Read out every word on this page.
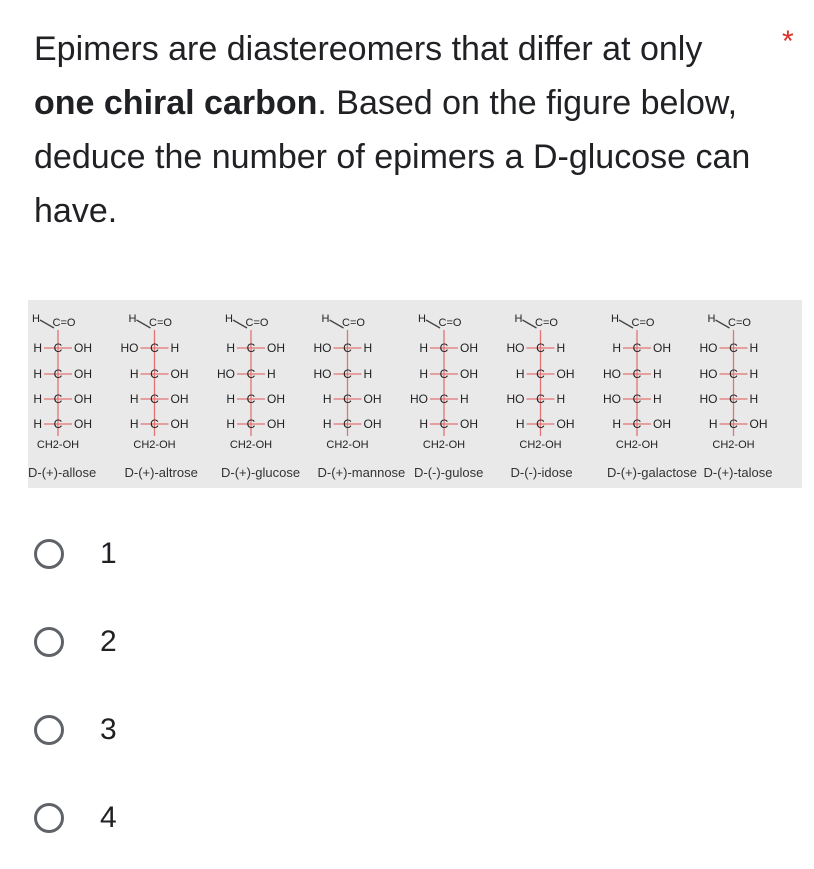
Epimers are diastereomers that differ at only one chiral carbon. Based on the figure below, deduce the number of epimers a D-glucose can have.

*
H C=O
C
H	OH
C
H	OH
C
H	OH
C
H	OH
CH2-OH
H C=O
C
HO	H
C
H	OH
C
H	OH
C
H	OH
CH2-OH
H C=O
C
H	OH
C
HO	H
C
H	OH
C
H	OH
CH2-OH
H C=O
C
HO	H
C
HO	H
C
H	OH
C
H	OH
CH2-OH
H C=O
C
H	OH
C
H	OH
C
HO	H
C
H	OH
CH2-OH
H C=O
C
HO	H
C
H	OH
C
HO	H
C
H	OH
CH2-OH
H C=O
C
H	OH
C
HO	H
C
HO	H
C
H	OH
CH2-OH
H C=O
C
HO	H
C
HO	H
C
HO	H
C
H	OH
CH2-OH
D-(+)-allose D-(+)-altrose D-(+)-glucose D-(+)-mannose D-(-)-gulose D-(-)-idose	D-(+)-galactose D-(+)-talose
1
2
3
4
